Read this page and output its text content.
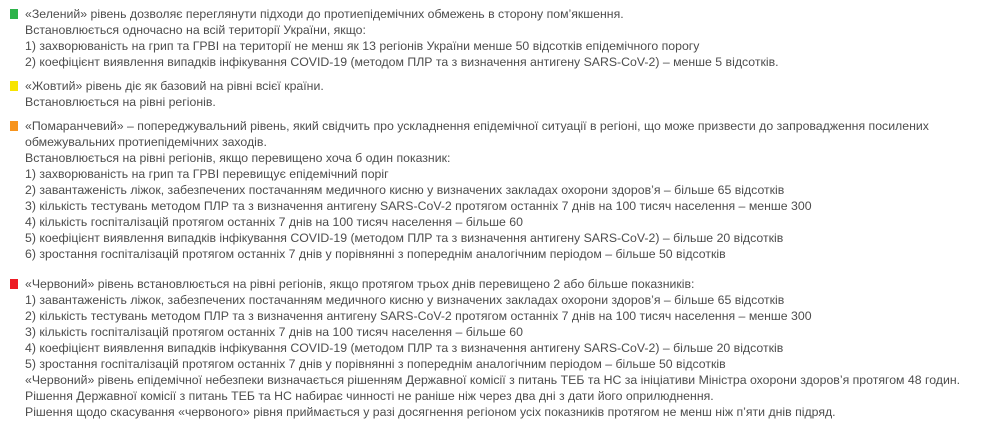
«Зелений» рівень дозволяє переглянути підходи до протиепідемічних обмежень в сторону пом’якшення.
Встановлюється одночасно на всій території України, якщо:
1) захворюваність на грип та ГРВІ на території не менш як 13 регіонів України менше 50 відсотків епідемічного порогу
2) коефіцієнт виявлення випадків інфікування COVID-19 (методом ПЛР та з визначення антигену SARS-CoV-2) – менше 5 відсотків.
«Жовтий» рівень діє як базовий на рівні всієї країни.
Встановлюється на рівні регіонів.
«Помаранчевий» – попереджувальний рівень, який свідчить про ускладнення епідемічної ситуації в регіоні, що може призвести до запровадження посилених обмежувальних протиепідемічних заходів.
Встановлюється на рівні регіонів, якщо перевищено хоча б один показник:
1) захворюваність на грип та ГРВІ перевищує епідемічний поріг
2) завантаженість ліжок, забезпечених постачанням медичного кисню у визначених закладах охорони здоров’я – більше 65 відсотків
3) кількість тестувань методом ПЛР та з визначення антигену SARS-CoV-2 протягом останніх 7 днів на 100 тисяч населення – менше 300
4) кількість госпіталізацій протягом останніх 7 днів на 100 тисяч населення – більше 60
5) коефіцієнт виявлення випадків інфікування COVID-19 (методом ПЛР та з визначення антигену SARS-CoV-2) – більше 20 відсотків
6) зростання госпіталізацій протягом останніх 7 днів у порівнянні з попереднім аналогічним періодом – більше 50 відсотків
«Червоний» рівень встановлюється на рівні регіонів, якщо протягом трьох днів перевищено 2 або більше показників:
1) завантаженість ліжок, забезпечених постачанням медичного кисню у визначених закладах охорони здоров’я – більше 65 відсотків
2) кількість тестувань методом ПЛР та з визначення антигену SARS-CoV-2 протягом останніх 7 днів на 100 тисяч населення – менше 300
3) кількість госпіталізацій протягом останніх 7 днів на 100 тисяч населення – більше 60
4) коефіцієнт виявлення випадків інфікування COVID-19 (методом ПЛР та з визначення антигену SARS-CoV-2) – більше 20 відсотків
5) зростання госпіталізацій протягом останніх 7 днів у порівнянні з попереднім аналогічним періодом – більше 50 відсотків
«Червоний» рівень епідемічної небезпеки визначається рішенням Державної комісії з питань ТЕБ та НС за ініціативи Міністра охорони здоров’я протягом 48 годин.
Рішення Державної комісії з питань ТЕБ та НС набирає чинності не раніше ніж через два дні з дати його оприлюднення.
Рішення щодо скасування «червоного» рівня приймається у разі досягнення регіоном усіх показників протягом не менш ніж п’яти днів підряд.
